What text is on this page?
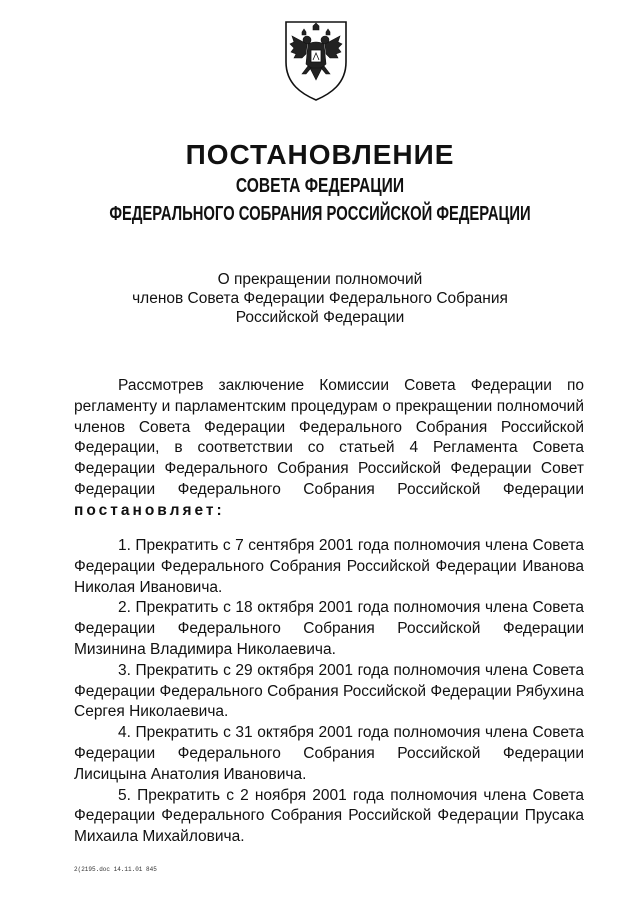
ПОСТАНОВЛЕНИЕ
СОВЕТА ФЕДЕРАЦИИ
ФЕДЕРАЛЬНОГО СОБРАНИЯ РОССИЙСКОЙ ФЕДЕРАЦИИ
О прекращении полномочий
членов Совета Федерации Федерального Собрания
Российской Федерации
Рассмотрев заключение Комиссии Совета Федерации по регламенту и парламентским процедурам о прекращении полномочий членов Совета Федерации Федерального Собрания Российской Федерации, в соответствии со статьей 4 Регламента Совета Федерации Федерального Собрания Российской Федерации Совет Федерации Федерального Собрания Российской Федерации постановляет:
1. Прекратить с 7 сентября 2001 года полномочия члена Совета Федерации Федерального Собрания Российской Федерации Иванова Николая Ивановича.
2. Прекратить с 18 октября 2001 года полномочия члена Совета Федерации Федерального Собрания Российской Федерации Мизинина Владимира Николаевича.
3. Прекратить с 29 октября 2001 года полномочия члена Совета Федерации Федерального Собрания Российской Федерации Рябухина Сергея Николаевича.
4. Прекратить с 31 октября 2001 года полномочия члена Совета Федерации Федерального Собрания Российской Федерации Лисицына Анатолия Ивановича.
5. Прекратить с 2 ноября 2001 года полномочия члена Совета Федерации Федерального Собрания Российской Федерации Прусака Михаила Михайловича.
2(2195.doc 14.11.01 845
